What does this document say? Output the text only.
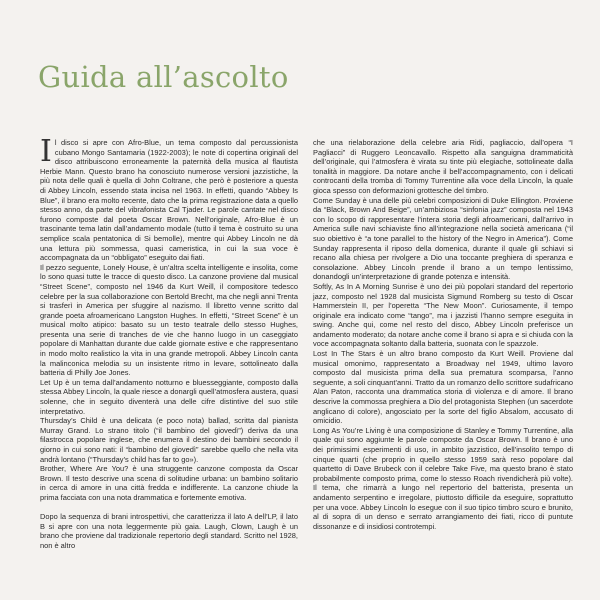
Guida all’ascolto

Il disco si apre con Afro-Blue, un tema composto dal percussionista cubano Mongo Santamaria (1922-2003); le note di copertina originali del disco attribuiscono erroneamente la paternità della musica al flautista Herbie Mann. Questo brano ha conosciuto numerose versioni jazzistiche, la più nota delle quali è quella di John Coltrane, che però è posteriore a questa di Abbey Lincoln, essendo stata incisa nel 1963. In effetti, quando “Abbey Is Blue”, il brano era molto recente, dato che la prima registrazione data a quello stesso anno, da parte del vibrafonista Cal Tjader. Le parole cantate nel disco furono composte dal poeta Oscar Brown. Nell’originale, Afro-Blue è un trascinante tema latin dall’andamento modale (tutto il tema è costruito su una semplice scala pentatonica di Si bemolle), mentre qui Abbey Lincoln ne dà una lettura più sommessa, quasi cameristica, in cui la sua voce è accompagnata da un “obbligato” eseguito dai fiati.

Il pezzo seguente, Lonely House, è un’altra scelta intelligente e insolita, come lo sono quasi tutte le tracce di questo disco. La canzone proviene dal musical “Street Scene”, composto nel 1946 da Kurt Weill, il compositore tedesco celebre per la sua collaborazione con Bertold Brecht, ma che negli anni Trenta si trasferì in America per sfuggire al nazismo. Il libretto venne scritto dal grande poeta afroamericano Langston Hughes. In effetti, “Street Scene” è un musical molto atipico: basato su un testo teatrale dello stesso Hughes, presenta una serie di tranches de vie che hanno luogo in un caseggiato popolare di Manhattan durante due calde giornate estive e che rappresentano in modo molto realistico la vita in una grande metropoli. Abbey Lincoln canta la malinconica melodia su un insistente ritmo in levare, sottolineato dalla batteria di Philly Joe Jones.

Let Up è un tema dall’andamento notturno e bluesseggiante, composto dalla stessa Abbey Lincoln, la quale riesce a donargli quell’atmosfera austera, quasi solenne, che in seguito diventerà una delle cifre distintive del suo stile interpretativo.

Thursday’s Child è una delicata (e poco nota) ballad, scritta dal pianista Murray Grand. Lo strano titolo (“il bambino del giovedì”) deriva da una filastrocca popolare inglese, che enumera il destino dei bambini secondo il giorno in cui sono nati: il “bambino del giovedì” sarebbe quello che nella vita andrà lontano (“Thursday’s child has far to go»).

Brother, Where Are You? è una struggente canzone composta da Oscar Brown. Il testo descrive una scena di solitudine urbana: un bambino solitario in cerca di amore in una città fredda e indifferente. La canzone chiude la prima facciata con una nota drammatica e fortemente emotiva.

Dopo la sequenza di brani introspettivi, che caratterizza il lato A dell’LP, il lato B si apre con una nota leggermente più gaia. Laugh, Clown, Laugh è un brano che proviene dal tradizionale repertorio degli standard. Scritto nel 1928, non è altro

che una rielaborazione della celebre aria Ridi, pagliaccio, dall’opera “I Pagliacci” di Ruggero Leoncavallo. Rispetto alla sanguigna drammaticità dell’originale, qui l’atmosfera è virata su tinte più elegiache, sottolineate dalla tonalità in maggiore. Da notare anche il bell’accompagnamento, con i delicati controcanti della tromba di Tommy Turrentine alla voce della Lincoln, la quale gioca spesso con deformazioni grottesche del timbro.

Come Sunday è una delle più celebri composizioni di Duke Ellington. Proviene da “Black, Brown And Beige”, un’ambiziosa “sinfonia jazz” composta nel 1943 con lo scopo di rappresentare l’intera storia degli afroamericani, dall’arrivo in America sulle navi schiaviste fino all’integrazione nella società americana (“il suo obiettivo è “a tone parallel to the history of the Negro in America”). Come Sunday rappresenta il riposo della domenica, durante il quale gli schiavi si recano alla chiesa per rivolgere a Dio una toccante preghiera di speranza e consolazione. Abbey Lincoln prende il brano a un tempo lentissimo, donandogli un’interpretazione di grande potenza e intensità.

Softly, As In A Morning Sunrise è uno dei più popolari standard del repertorio jazz, composto nel 1928 dal musicista Sigmund Romberg su testo di Oscar Hammerstein II, per l’operetta “The New Moon”. Curiosamente, il tempo originale era indicato come “tango”, ma i jazzisti l’hanno sempre eseguita in swing. Anche qui, come nel resto del disco, Abbey Lincoln preferisce un andamento moderato; da notare anche come il brano si apra e si chiuda con la voce accompagnata soltanto dalla batteria, suonata con le spazzole.

Lost In The Stars è un altro brano composto da Kurt Weill. Proviene dal musical omonimo, rappresentato a Broadway nel 1949, ultimo lavoro composto dal musicista prima della sua prematura scomparsa, l’anno seguente, a soli cinquant’anni. Tratto da un romanzo dello scrittore sudafricano Alan Paton, racconta una drammatica storia di violenza e di amore. Il brano descrive la commossa preghiera a Dio del protagonista Stephen (un sacerdote anglicano di colore), angosciato per la sorte del figlio Absalom, accusato di omicidio.

Long As You’re Living è una composizione di Stanley e Tommy Turrentine, alla quale qui sono aggiunte le parole composte da Oscar Brown. Il brano è uno dei primissimi esperimenti di uso, in ambito jazzistico, dell’insolito tempo di cinque quarti (che proprio in quello stesso 1959 sarà reso popolare dal quartetto di Dave Brubeck con il celebre Take Five, ma questo brano è stato probabilmente composto prima, come lo stesso Roach rivendicherà più volte). Il tema, che rimarrà a lungo nel repertorio del batterista, presenta un andamento serpentino e irregolare, piuttosto difficile da eseguire, soprattutto per una voce. Abbey Lincoln lo esegue con il suo tipico timbro scuro e brunito, al di sopra di un denso e serrato arrangiamento dei fiati, ricco di puntute dissonanze e di insidiosi controtempi.
